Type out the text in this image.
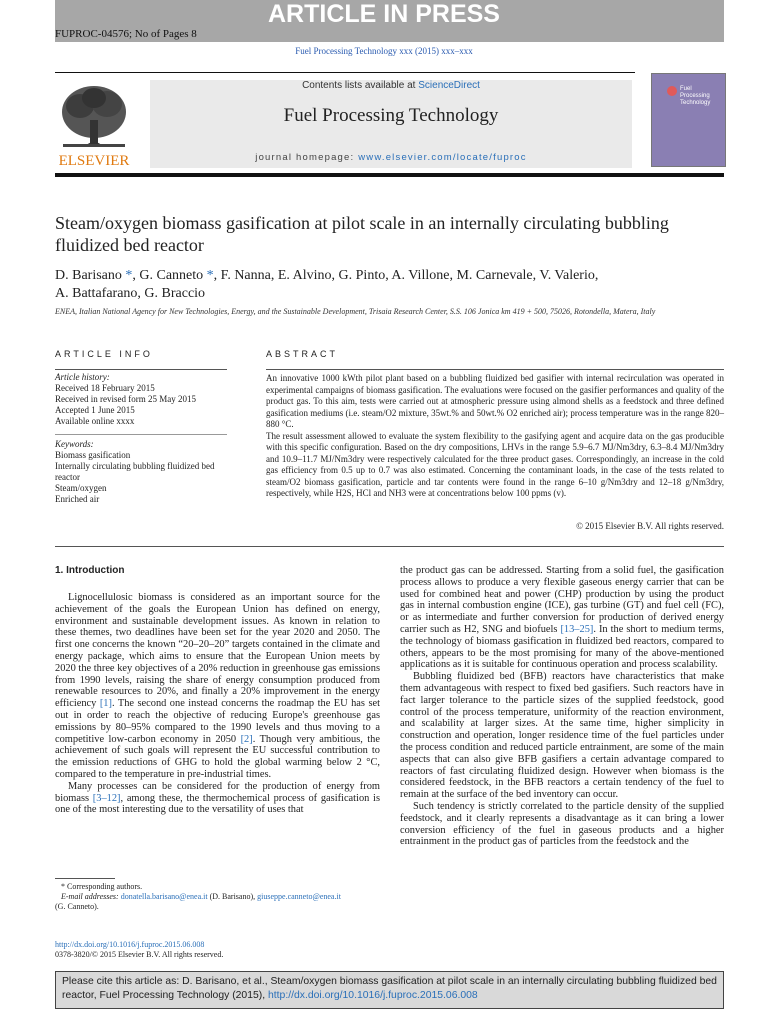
ARTICLE IN PRESS
FUPROC-04576; No of Pages 8
Fuel Processing Technology xxx (2015) xxx–xxx
Contents lists available at ScienceDirect
Fuel Processing Technology
journal homepage: www.elsevier.com/locate/fuproc
ELSEVIER
Fuel
Processing
Technology
Steam/oxygen biomass gasification at pilot scale in an internally circulating bubbling
fluidized bed reactor
D. Barisano *, G. Canneto *, F. Nanna, E. Alvino, G. Pinto, A. Villone, M. Carnevale, V. Valerio,
A. Battafarano, G. Braccio
ENEA, Italian National Agency for New Technologies, Energy, and the Sustainable Development, Trisaia Research Center, S.S. 106 Jonica km 419 + 500, 75026, Rotondella, Matera, Italy
ARTICLE INFO
Article history:
Received 18 February 2015
Received in revised form 25 May 2015
Accepted 1 June 2015
Available online xxxx
Keywords:
Biomass gasification
Internally circulating bubbling fluidized bed
reactor
Steam/oxygen
Enriched air
ABSTRACT

An innovative 1000 kWth pilot plant based on a bubbling fluidized bed gasifier with internal recirculation was operated in experimental campaigns of biomass gasification. The evaluations were focused on the gasifier performances and quality of the product gas. To this aim, tests were carried out at atmospheric pressure using almond shells as a feedstock and three defined gasification mediums (i.e. steam/O2 mixture, 35wt.% and 50wt.% O2 enriched air); process temperature was in the range 820–880 °C.

The result assessment allowed to evaluate the system flexibility to the gasifying agent and acquire data on the gas producible with this specific configuration. Based on the dry compositions, LHVs in the range 5.9–6.7 MJ/Nm3dry, 6.3–8.4 MJ/Nm3dry and 10.9–11.7 MJ/Nm3dry were respectively calculated for the three product gases. Correspondingly, an increase in the cold gas efficiency from 0.5 up to 0.7 was also estimated. Concerning the contaminant loads, in the case of the tests related to steam/O2 biomass gasification, particle and tar contents were found in the range 6–10 g/Nm3dry and 12–18 g/Nm3dry, respectively, while H2S, HCl and NH3 were at concentrations below 100 ppms (v).

© 2015 Elsevier B.V. All rights reserved.
1. Introduction

Lignocellulosic biomass is considered as an important source for the achievement of the goals the European Union has defined on energy, environment and sustainable development issues. As known in relation to these themes, two deadlines have been set for the year 2020 and 2050. The first one concerns the known “20–20–20” targets contained in the climate and energy package, which aims to ensure that the European Union meets by 2020 the three key objectives of a 20% reduction in greenhouse gas emissions from 1990 levels, raising the share of energy consumption produced from renewable resources to 20%, and finally a 20% improvement in the energy efficiency [1]. The second one instead concerns the roadmap the EU has set out in order to reach the objective of reducing Europe's greenhouse gas emissions by 80–95% compared to the 1990 levels and thus moving to a competitive low-carbon economy in 2050 [2]. Though very ambitious, the achievement of such goals will represent the EU successful contribution to the emission reductions of GHG to hold the global warming below 2 °C, compared to the temperature in pre-industrial times.

Many processes can be considered for the production of energy from biomass [3–12], among these, the thermochemical process of gasification is one of the most interesting due to the versatility of uses that

the product gas can be addressed. Starting from a solid fuel, the gasification process allows to produce a very flexible gaseous energy carrier that can be used for combined heat and power (CHP) production by using the product gas in internal combustion engine (ICE), gas turbine (GT) and fuel cell (FC), or as intermediate and further conversion for production of derived energy carrier such as H2, SNG and biofuels [13–25]. In the short to medium terms, the technology of biomass gasification in fluidized bed reactors, compared to others, appears to be the most promising for many of the above-mentioned applications as it is suitable for continuous operation and process scalability.

Bubbling fluidized bed (BFB) reactors have characteristics that make them advantageous with respect to fixed bed gasifiers. Such reactors have in fact larger tolerance to the particle sizes of the supplied feedstock, good control of the process temperature, uniformity of the reaction environment, and scalability at larger sizes. At the same time, higher simplicity in construction and operation, longer residence time of the fuel particles under the process condition and reduced particle entrainment, are some of the main aspects that can also give BFB gasifiers a certain advantage compared to reactors of fast circulating fluidized design. However when biomass is the considered feedstock, in the BFB reactors a certain tendency of the fuel to remain at the surface of the bed inventory can occur.

Such tendency is strictly correlated to the particle density of the supplied feedstock, and it clearly represents a disadvantage as it can bring a lower conversion efficiency of the fuel in gaseous products and a higher entrainment in the product gas of particles from the feedstock and the

* Corresponding authors.
E-mail addresses: donatella.barisano@enea.it (D. Barisano), giuseppe.canneto@enea.it
(G. Canneto).
http://dx.doi.org/10.1016/j.fuproc.2015.06.008
0378-3820/© 2015 Elsevier B.V. All rights reserved.
Please cite this article as: D. Barisano, et al., Steam/oxygen biomass gasification at pilot scale in an internally circulating bubbling fluidized bed reactor, Fuel Processing Technology (2015), http://dx.doi.org/10.1016/j.fuproc.2015.06.008
